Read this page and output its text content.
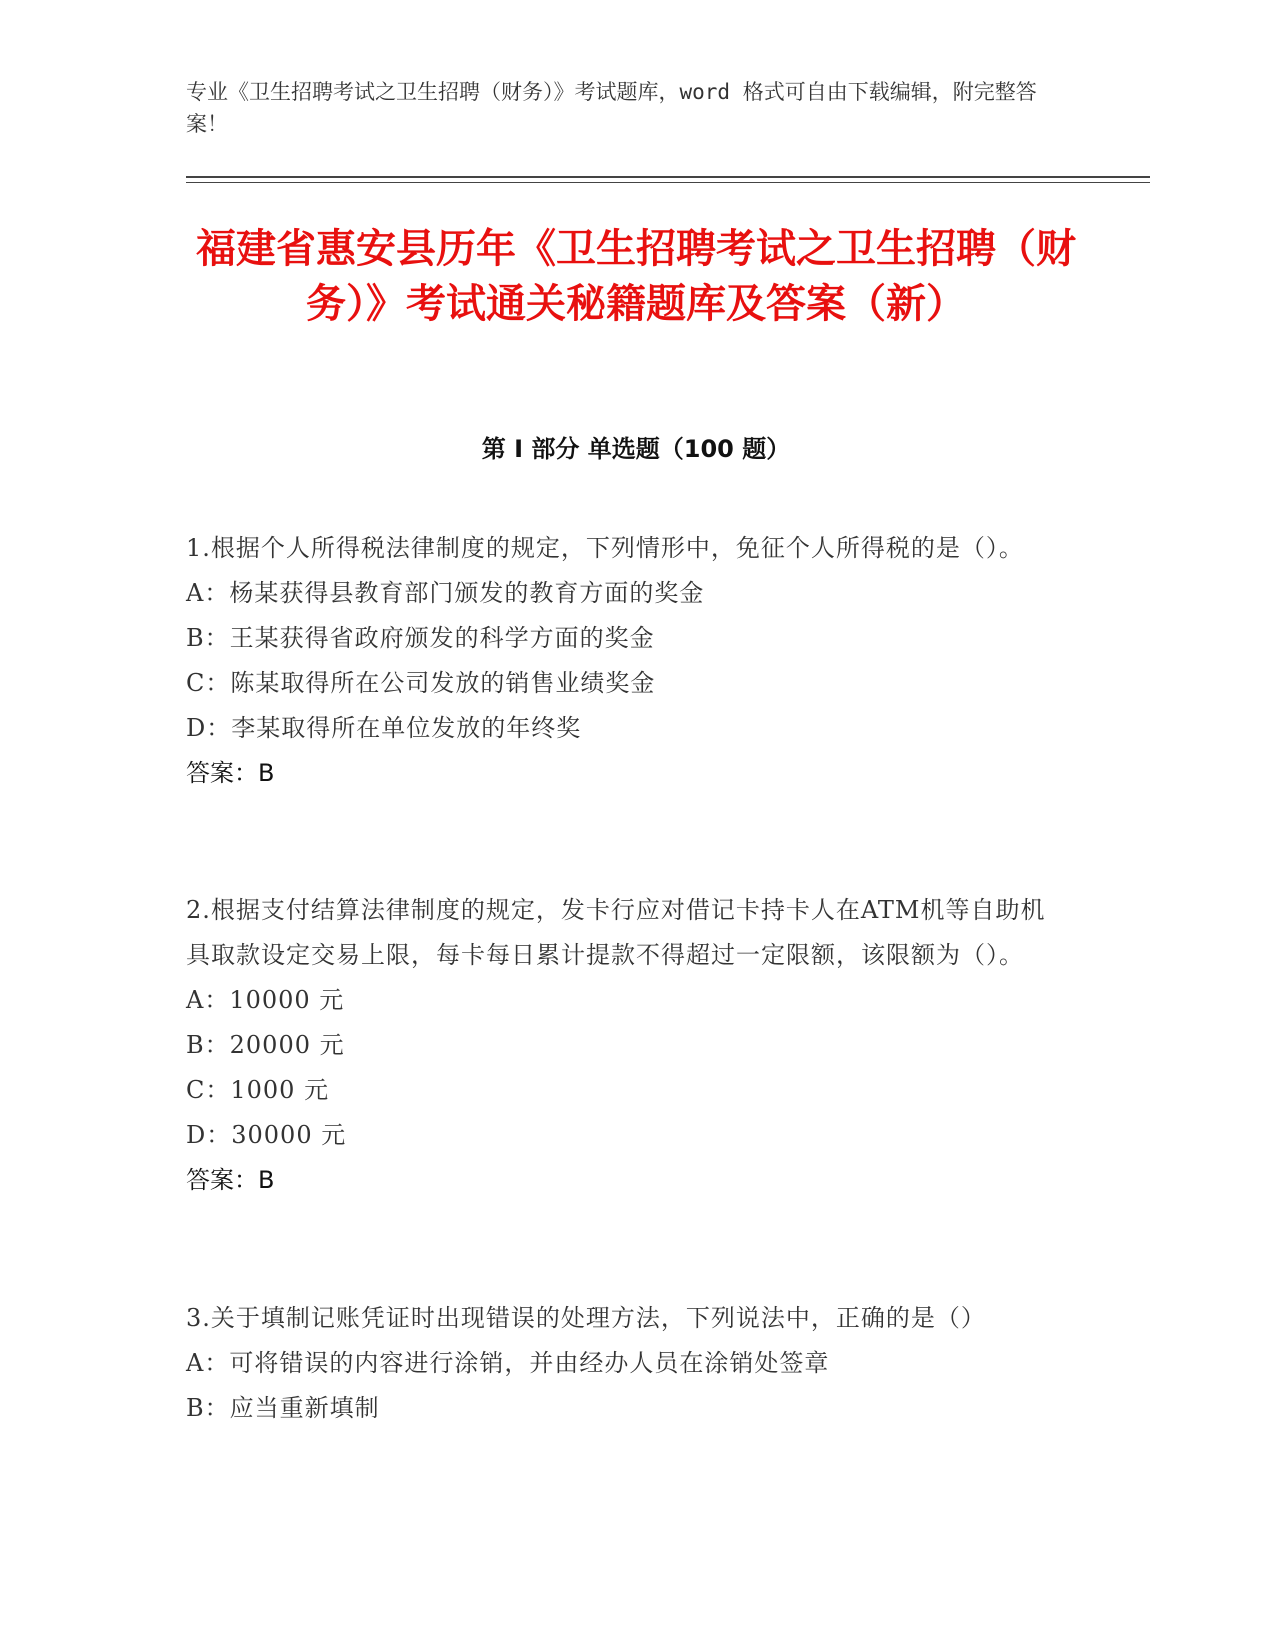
专业《卫生招聘考试之卫生招聘（财务）》考试题库，word 格式可自由下载编辑，附完整答案！

福建省惠安县历年《卫生招聘考试之卫生招聘（财务）》考试通关秘籍题库及答案（新）
第 I 部分 单选题（100 题）
1.根据个人所得税法律制度的规定，下列情形中，免征个人所得税的是（）。
A：杨某获得县教育部门颁发的教育方面的奖金
B：王某获得省政府颁发的科学方面的奖金
C：陈某取得所在公司发放的销售业绩奖金
D：李某取得所在单位发放的年终奖
答案：B
2.根据支付结算法律制度的规定，发卡行应对借记卡持卡人在ATM机等自助机具取款设定交易上限，每卡每日累计提款不得超过一定限额，该限额为（）。
A：10000 元
B：20000 元
C：1000 元
D：30000 元
答案：B
3.关于填制记账凭证时出现错误的处理方法，下列说法中，正确的是（）
A：可将错误的内容进行涂销，并由经办人员在涂销处签章
B：应当重新填制
